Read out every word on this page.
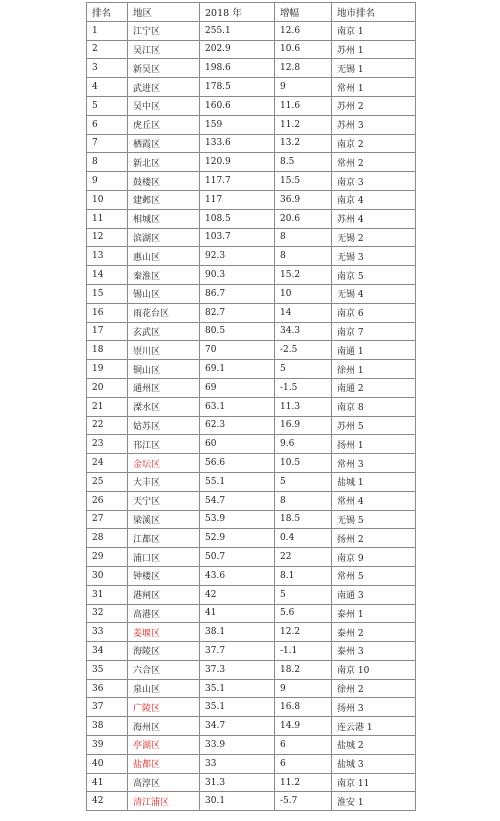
排名	地区	2018 年	增幅	地市排名
1	江宁区	255.1	12.6	南京 1
2	吴江区	202.9	10.6	苏州 1
3	新吴区	198.6	12.8	无锡 1
4	武进区	178.5	9	常州 1
5	吴中区	160.6	11.6	苏州 2
6	虎丘区	159	11.2	苏州 3
7	栖霞区	133.6	13.2	南京 2
8	新北区	120.9	8.5	常州 2
9	鼓楼区	117.7	15.5	南京 3
10	建邺区	117	36.9	南京 4
11	相城区	108.5	20.6	苏州 4
12	滨湖区	103.7	8	无锡 2
13	惠山区	92.3	8	无锡 3
14	秦淮区	90.3	15.2	南京 5
15	锡山区	86.7	10	无锡 4
16	雨花台区	82.7	14	南京 6
17	玄武区	80.5	34.3	南京 7
18	崇川区	70	-2.5	南通 1
19	铜山区	69.1	5	徐州 1
20	通州区	69	-1.5	南通 2
21	溧水区	63.1	11.3	南京 8
22	姑苏区	62.3	16.9	苏州 5
23	邗江区	60	9.6	扬州 1
24	金坛区	56.6	10.5	常州 3
25	大丰区	55.1	5	盐城 1
26	天宁区	54.7	8	常州 4
27	梁溪区	53.9	18.5	无锡 5
28	江都区	52.9	0.4	扬州 2
29	浦口区	50.7	22	南京 9
30	钟楼区	43.6	8.1	常州 5
31	港闸区	42	5	南通 3
32	高港区	41	5.6	泰州 1
33	姜堰区	38.1	12.2	泰州 2
34	海陵区	37.7	-1.1	泰州 3
35	六合区	37.3	18.2	南京 10
36	泉山区	35.1	9	徐州 2
37	广陵区	35.1	16.8	扬州 3
38	海州区	34.7	14.9	连云港 1
39	亭湖区	33.9	6	盐城 2
40	盐都区	33	6	盐城 3
41	高淳区	31.3	11.2	南京 11
42	清江浦区	30.1	-5.7	淮安 1
